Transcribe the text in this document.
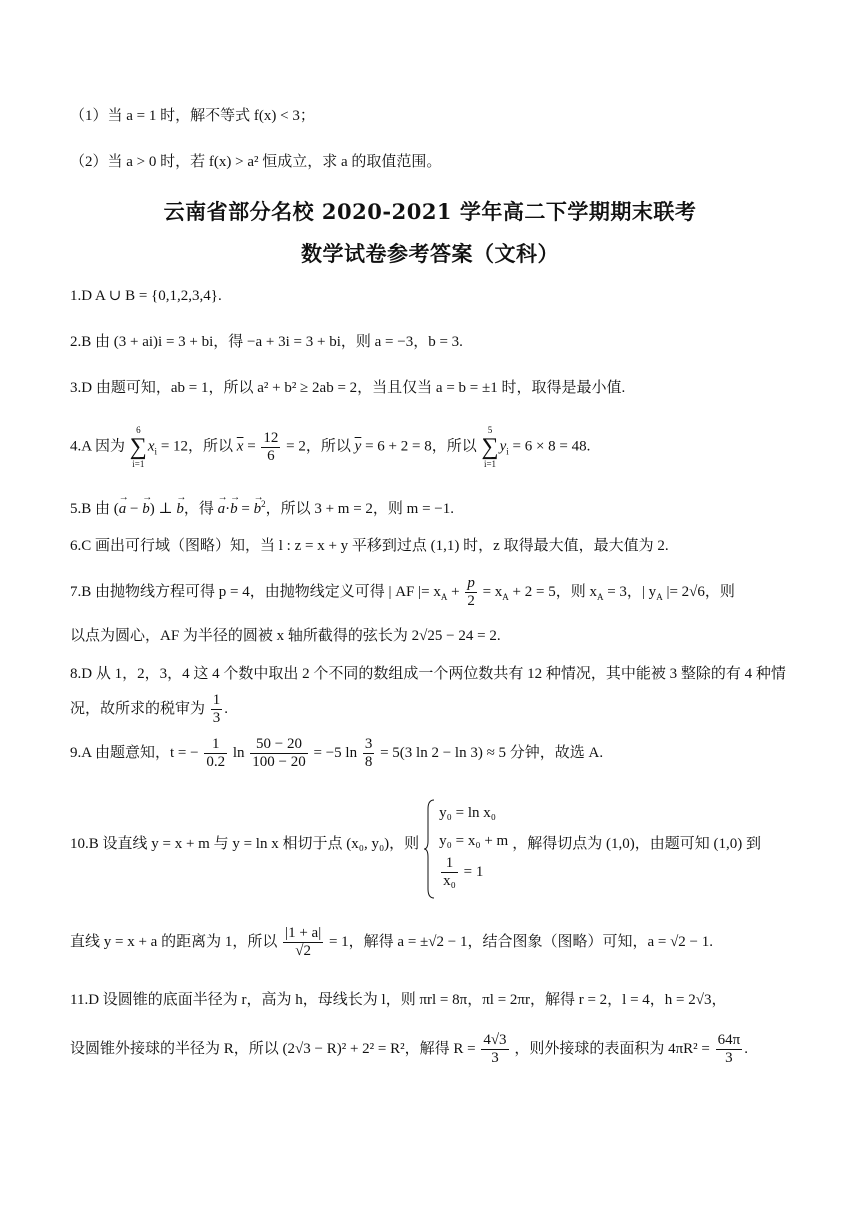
（1）当 a = 1 时，解不等式 f(x) < 3；
（2）当 a > 0 时，若 f(x) > a² 恒成立，求 a 的取值范围。
云南省部分名校 2020-2021 学年高二下学期期末联考
数学试卷参考答案（文科）
1.D A ∪ B = {0,1,2,3,4}.
2.B 由 (3 + ai)i = 3 + bi，得 −a + 3i = 3 + bi，则 a = −3，b = 3.
3.D 由题可知，ab = 1，所以 a² + b² ≥ 2ab = 2，当且仅当 a = b = ±1 时，取得是最小值.
4.A 因为
6
∑
i=1
$x_i = 12$，所以 $\overline{x} = \frac{12}{6} = 2$，所以 $\overline{y} = 6 + 2 = 8$，所以
5
∑
i=1
$y_i = 6 \times 8 = 48$.
5.B 由 (→ a − → b) ⊥ → b，得 → a·→ b = → $b^2$，所以 3 + m = 2，则 m = −1.
6.C 画出可行域（图略）知，当 l : z = x + y 平移到过点 (1,1) 时，z 取得最大值，最大值为 2.
7.B 由抛物线方程可得 p = 4，由抛物线定义可得 | AF |= $x_A + \frac{p}{2} = x_A + 2 = 5$，则 $x_A = 3$，| $y_A$ |= 2√6，则
以点为圆心，AF 为半径的圆被 x 轴所截得的弦长为 2√25 − 24 = 2.
8.D 从 1，2，3，4 这 4 个数中取出 2 个不同的数组成一个两位数共有 12 种情况，其中能被 3 整除的有 4 种情
况，故所求的税审为 $\frac{1}{3}$ .
9.A 由题意知，t = − $\frac{1}{0.2}$ $\ln \frac{50 - 20}{100 - 20} = -5$ $\ln \frac{3}{8} = 5(3$ ln 2 − ln 3) ≈ 5 分钟，故选 A.
10.B 设直线 y = x + m 与 y = ln x 相切于点 (x₀, y₀)，则
y₀ = ln x₀
y₀ = x₀ + m
$\frac{1}{\text{x₀}} = 1$
，解得切点为 (1,0)，由题可知 (1,0) 到
直线 y = x + a 的距离为 1，所以 $\frac{|1 + a|}{√2} = 1$，解得 a = ±√2 − 1，结合图象（图略）可知，a = √2 − 1.
11.D 设圆锥的底面半径为 r，高为 h，母线长为 l，则 πrl = 8π，πl = 2πr，解得 r = 2，l = 4，h = 2√3，
设圆锥外接球的半径为 R，所以 (2√3 − R)² + 2² = R²，解得 $R = \frac{4√3}{3}$ ，则外接球的表面积为 $4\pi R^2 = \frac{64\pi}{3}$ .
